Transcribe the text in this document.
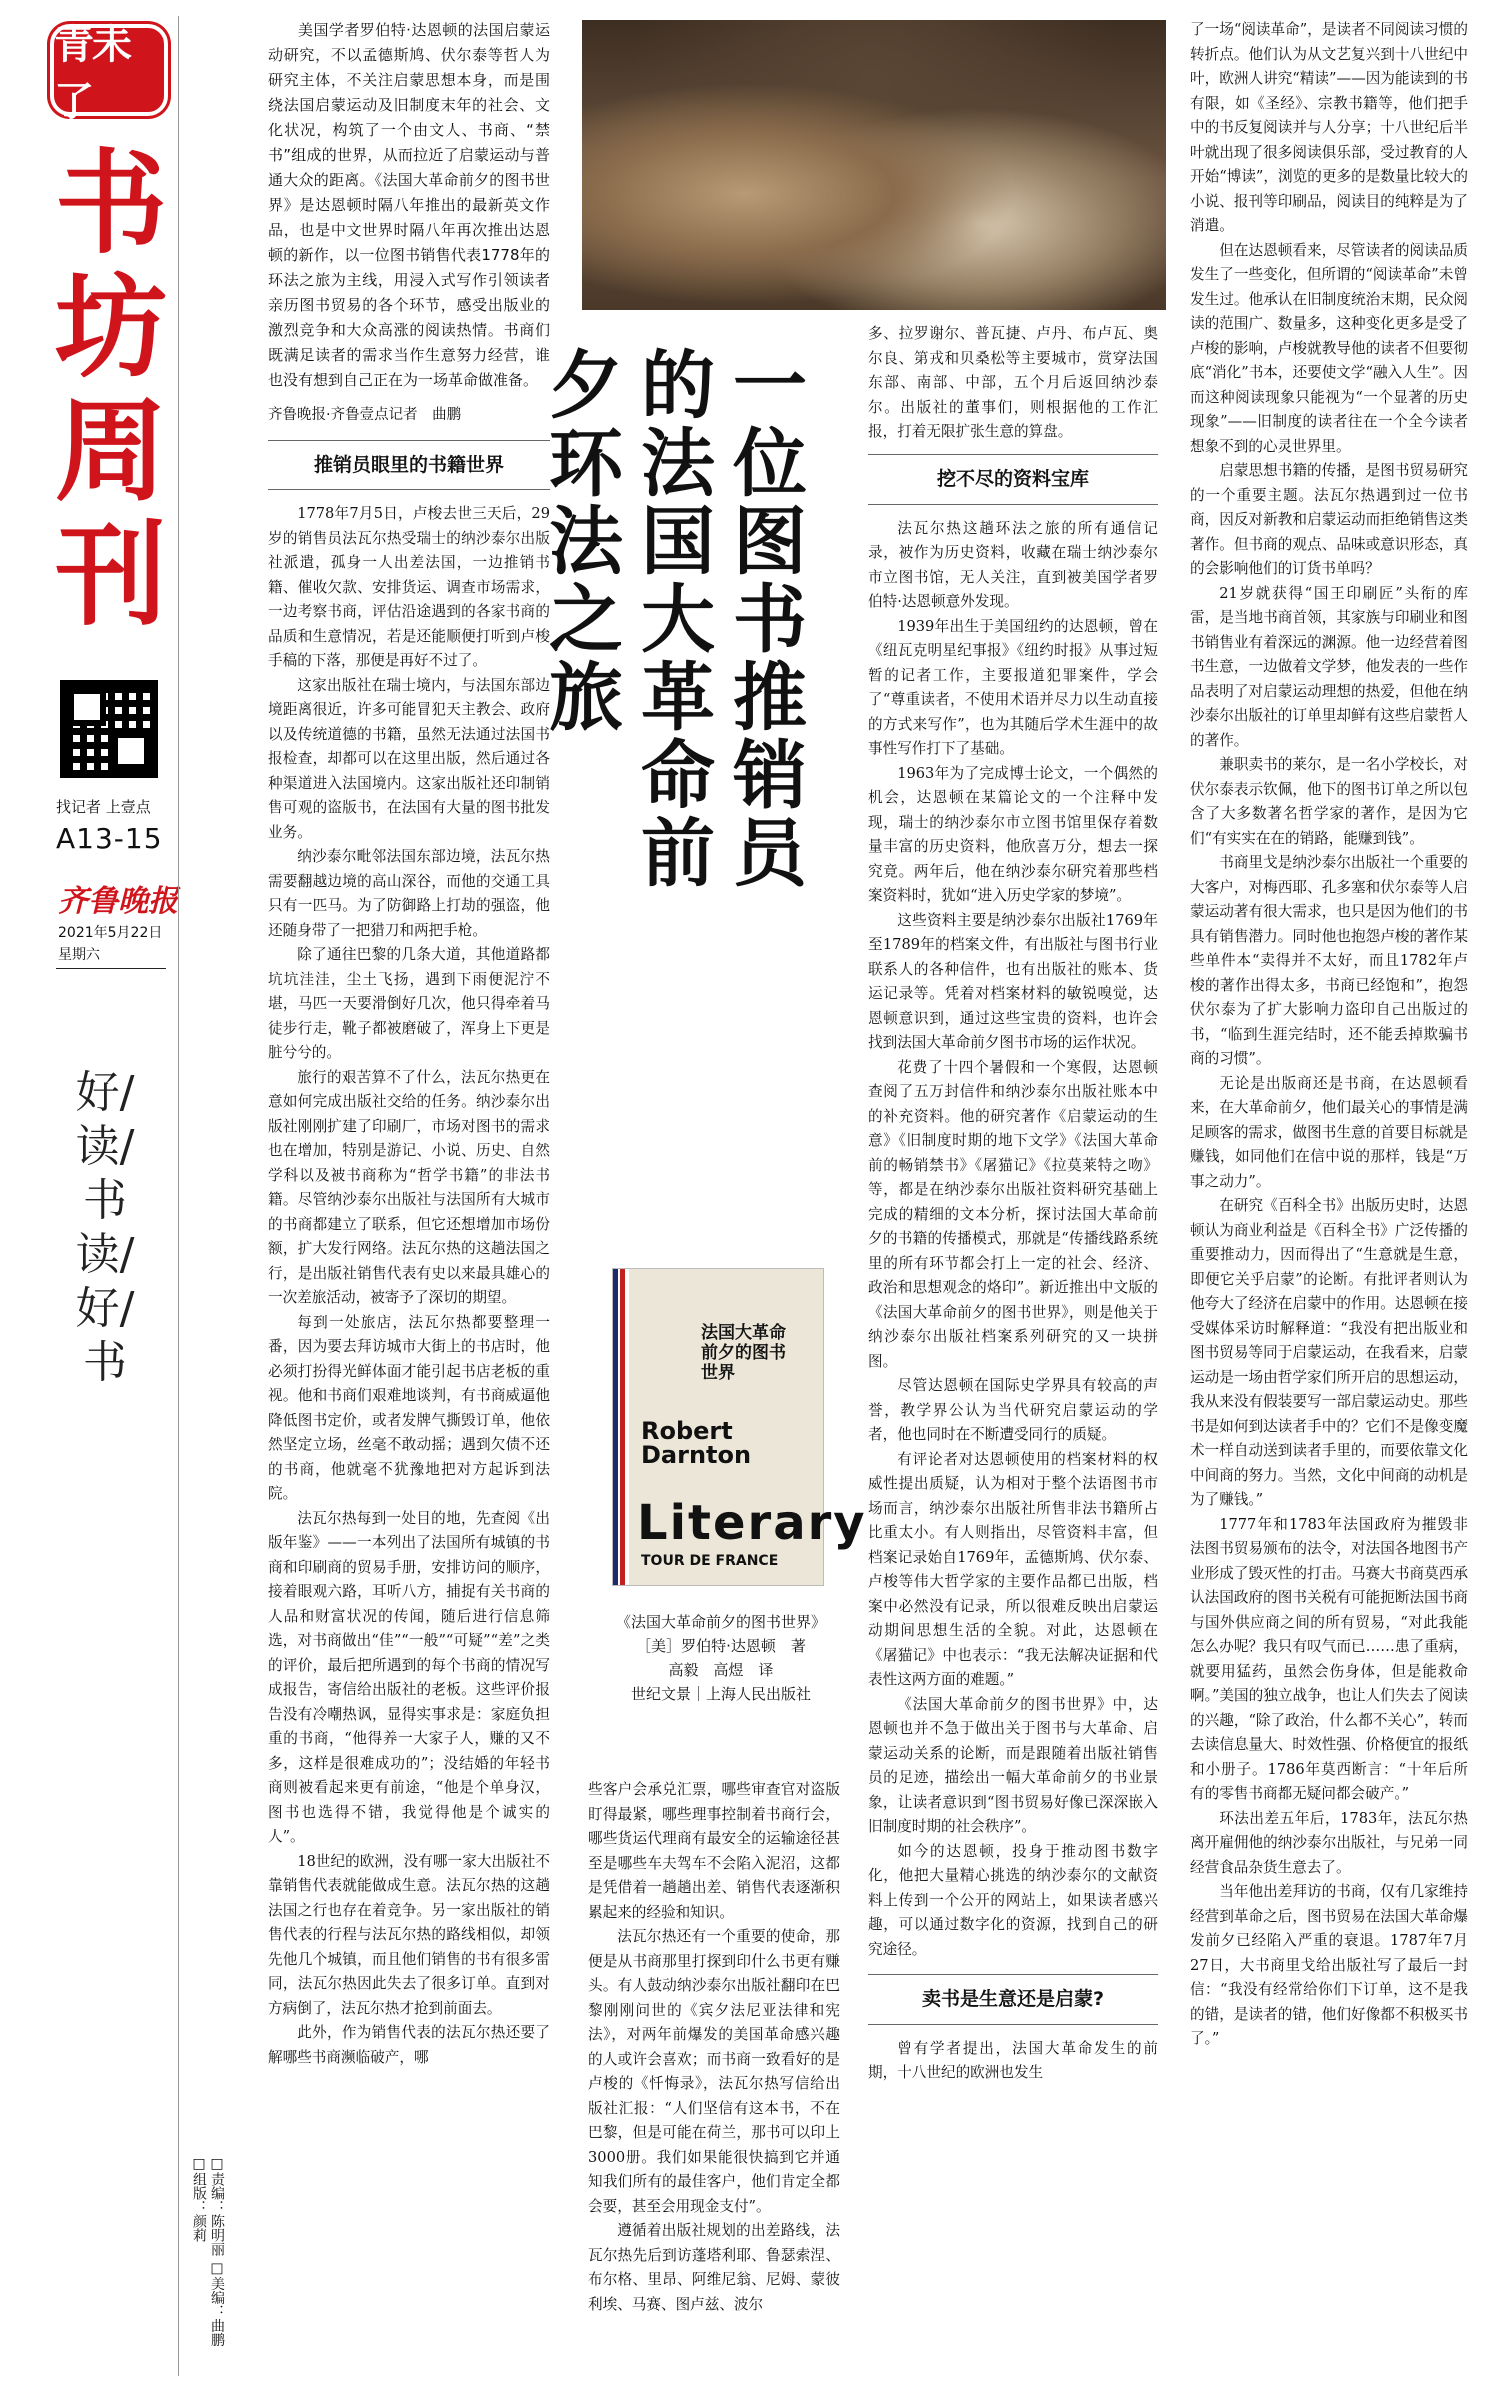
青未了
书坊周刊
找记者 上壹点
A13-15
齐鲁晚报
2021年5月22日
星期六
好/读/书 读/好/书
□责编：陈明丽 □美编：曲鹏 □组版：颜莉

美国学者罗伯特·达恩顿的法国启蒙运动研究，不以孟德斯鸠、伏尔泰等哲人为研究主体，不关注启蒙思想本身，而是围绕法国启蒙运动及旧制度末年的社会、文化状况，构筑了一个由文人、书商、“禁书”组成的世界，从而拉近了启蒙运动与普通大众的距离。《法国大革命前夕的图书世界》是达恩顿时隔八年推出的最新英文作品，也是中文世界时隔八年再次推出达恩顿的新作，以一位图书销售代表1778年的环法之旅为主线，用浸入式写作引领读者亲历图书贸易的各个环节，感受出版业的激烈竞争和大众高涨的阅读热情。书商们既满足读者的需求当作生意努力经营，谁也没有想到自己正在为一场革命做准备。

齐鲁晚报·齐鲁壹点记者　曲鹏

推销员眼里的书籍世界

1778年7月5日，卢梭去世三天后，29岁的销售员法瓦尔热受瑞士的纳沙泰尔出版社派遣，孤身一人出差法国，一边推销书籍、催收欠款、安排货运、调查市场需求，一边考察书商，评估沿途遇到的各家书商的品质和生意情况，若是还能顺便打听到卢梭手稿的下落，那便是再好不过了。

这家出版社在瑞士境内，与法国东部边境距离很近，许多可能冒犯天主教会、政府以及传统道德的书籍，虽然无法通过法国书报检查，却都可以在这里出版，然后通过各种渠道进入法国境内。这家出版社还印制销售可观的盗版书，在法国有大量的图书批发业务。

纳沙泰尔毗邻法国东部边境，法瓦尔热需要翻越边境的高山深谷，而他的交通工具只有一匹马。为了防御路上打劫的强盗，他还随身带了一把猎刀和两把手枪。

除了通往巴黎的几条大道，其他道路都坑坑洼洼，尘土飞扬，遇到下雨便泥泞不堪，马匹一天要滑倒好几次，他只得牵着马徒步行走，靴子都被磨破了，浑身上下更是脏兮兮的。

旅行的艰苦算不了什么，法瓦尔热更在意如何完成出版社交给的任务。纳沙泰尔出版社刚刚扩建了印刷厂，市场对图书的需求也在增加，特别是游记、小说、历史、自然学科以及被书商称为“哲学书籍”的非法书籍。尽管纳沙泰尔出版社与法国所有大城市的书商都建立了联系，但它还想增加市场份额，扩大发行网络。法瓦尔热的这趟法国之行，是出版社销售代表有史以来最具雄心的一次差旅活动，被寄予了深切的期望。

每到一处旅店，法瓦尔热都要整理一番，因为要去拜访城市大街上的书店时，他必须打扮得光鲜体面才能引起书店老板的重视。他和书商们艰难地谈判，有书商威逼他降低图书定价，或者发牌气撕毁订单，他依然坚定立场，丝毫不敢动摇；遇到欠债不还的书商，他就毫不犹豫地把对方起诉到法院。

法瓦尔热每到一处目的地，先查阅《出版年鉴》——一本列出了法国所有城镇的书商和印刷商的贸易手册，安排访问的顺序，接着眼观六路，耳听八方，捕捉有关书商的人品和财富状况的传闻，随后进行信息筛选，对书商做出“佳”“一般”“可疑”“差”之类的评价，最后把所遇到的每个书商的情况写成报告，寄信给出版社的老板。这些评价报告没有冷嘲热讽，显得实事求是：家庭负担重的书商，“他得养一大家子人，赚的又不多，这样是很难成功的”；没结婚的年轻书商则被看起来更有前途，“他是个单身汉，图书也选得不错，我觉得他是个诚实的人”。

18世纪的欧洲，没有哪一家大出版社不靠销售代表就能做成生意。法瓦尔热的这趟法国之行也存在着竞争。另一家出版社的销售代表的行程与法瓦尔热的路线相似，却领先他几个城镇，而且他们销售的书有很多雷同，法瓦尔热因此失去了很多订单。直到对方病倒了，法瓦尔热才抢到前面去。

此外，作为销售代表的法瓦尔热还要了解哪些书商濒临破产，哪

一位图书推销员的法国大革命前夕环法之旅
法国大革命前夕的图书世界
Robert Darnton
Literary
TOUR DE FRANCE
《法国大革命前夕的图书世界》
［美］罗伯特·达恩顿　著
高毅　高煜　译
世纪文景｜上海人民出版社

些客户会承兑汇票，哪些审查官对盗版盯得最紧，哪些理事控制着书商行会，哪些货运代理商有最安全的运输途径甚至是哪些车夫驾车不会陷入泥沼，这都是凭借着一趟趟出差、销售代表逐渐积累起来的经验和知识。

法瓦尔热还有一个重要的使命，那便是从书商那里打探到印什么书更有赚头。有人鼓动纳沙泰尔出版社翻印在巴黎刚刚问世的《宾夕法尼亚法律和宪法》，对两年前爆发的美国革命感兴趣的人或许会喜欢；而书商一致看好的是卢梭的《忏悔录》，法瓦尔热写信给出版社汇报：“人们坚信有这本书，不在巴黎，但是可能在荷兰，那书可以印上3000册。我们如果能很快搞到它并通知我们所有的最佳客户，他们肯定全都会要，甚至会用现金支付”。

遵循着出版社规划的出差路线，法瓦尔热先后到访蓬塔利耶、鲁瑟索涅、布尔格、里昂、阿维尼翁、尼姆、蒙彼利埃、马赛、图卢兹、波尔

多、拉罗谢尔、普瓦捷、卢丹、布卢瓦、奥尔良、第戎和贝桑松等主要城市，赏穿法国东部、南部、中部，五个月后返回纳沙泰尔。出版社的董事们，则根据他的工作汇报，打着无限扩张生意的算盘。

挖不尽的资料宝库

法瓦尔热这趟环法之旅的所有通信记录，被作为历史资料，收藏在瑞士纳沙泰尔市立图书馆，无人关注，直到被美国学者罗伯特·达恩顿意外发现。

1939年出生于美国纽约的达恩顿，曾在《纽瓦克明星纪事报》《纽约时报》从事过短暂的记者工作，主要报道犯罪案件，学会了“尊重读者，不使用术语并尽力以生动直接的方式来写作”，也为其随后学术生涯中的故事性写作打下了基础。

1963年为了完成博士论文，一个偶然的机会，达恩顿在某篇论文的一个注释中发现，瑞士的纳沙泰尔市立图书馆里保存着数量丰富的历史资料，他欣喜万分，想去一探究竟。两年后，他在纳沙泰尔研究着那些档案资料时，犹如“进入历史学家的梦境”。

这些资料主要是纳沙泰尔出版社1769年至1789年的档案文件，有出版社与图书行业联系人的各种信件，也有出版社的账本、货运记录等。凭着对档案材料的敏锐嗅觉，达恩顿意识到，通过这些宝贵的资料，也许会找到法国大革命前夕图书市场的运作状况。

花费了十四个暑假和一个寒假，达恩顿查阅了五万封信件和纳沙泰尔出版社账本中的补充资料。他的研究著作《启蒙运动的生意》《旧制度时期的地下文学》《法国大革命前的畅销禁书》《屠猫记》《拉莫莱特之吻》等，都是在纳沙泰尔出版社资料研究基础上完成的精细的文本分析，探讨法国大革命前夕的书籍的传播模式，那就是“传播线路系统里的所有环节都会打上一定的社会、经济、政治和思想观念的烙印”。新近推出中文版的《法国大革命前夕的图书世界》，则是他关于纳沙泰尔出版社档案系列研究的又一块拼图。

尽管达恩顿在国际史学界具有较高的声誉，教学界公认为当代研究启蒙运动的学者，他也同时在不断遭受同行的质疑。

有评论者对达恩顿使用的档案材料的权威性提出质疑，认为相对于整个法语图书市场而言，纳沙泰尔出版社所售非法书籍所占比重太小。有人则指出，尽管资料丰富，但档案记录始自1769年，孟德斯鸠、伏尔泰、卢梭等伟大哲学家的主要作品都已出版，档案中必然没有记录，所以很难反映出启蒙运动期间思想生活的全貌。对此，达恩顿在《屠猫记》中也表示：“我无法解决证据和代表性这两方面的难题。”

《法国大革命前夕的图书世界》中，达恩顿也并不急于做出关于图书与大革命、启蒙运动关系的论断，而是跟随着出版社销售员的足迹，描绘出一幅大革命前夕的书业景象，让读者意识到“图书贸易好像已深深嵌入旧制度时期的社会秩序”。

如今的达恩顿，投身于推动图书数字化，他把大量精心挑选的纳沙泰尔的文献资料上传到一个公开的网站上，如果读者感兴趣，可以通过数字化的资源，找到自己的研究途径。

卖书是生意还是启蒙?

曾有学者提出，法国大革命发生的前期，十八世纪的欧洲也发生

了一场“阅读革命”，是读者不同阅读习惯的转折点。他们认为从文艺复兴到十八世纪中叶，欧洲人讲究“精读”——因为能读到的书有限，如《圣经》、宗教书籍等，他们把手中的书反复阅读并与人分享；十八世纪后半叶就出现了很多阅读俱乐部，受过教育的人开始“博读”，浏览的更多的是数量比较大的小说、报刊等印刷品，阅读目的纯粹是为了消遣。

但在达恩顿看来，尽管读者的阅读品质发生了一些变化，但所谓的“阅读革命”未曾发生过。他承认在旧制度统治末期，民众阅读的范围广、数量多，这种变化更多是受了卢梭的影响，卢梭就教导他的读者不但要彻底“消化”书本，还要使文学“融入人生”。因而这种阅读现象只能视为“一个显著的历史现象”——旧制度的读者往在一个全今读者想象不到的心灵世界里。

启蒙思想书籍的传播，是图书贸易研究的一个重要主题。法瓦尔热遇到过一位书商，因反对新教和启蒙运动而拒绝销售这类著作。但书商的观点、品味或意识形态，真的会影响他们的订货书单吗？

21岁就获得“国王印刷匠”头衔的库雷，是当地书商首领，其家族与印刷业和图书销售业有着深远的渊源。他一边经营着图书生意，一边做着文学梦，他发表的一些作品表明了对启蒙运动理想的热爱，但他在纳沙泰尔出版社的订单里却鲜有这些启蒙哲人的著作。

兼职卖书的莱尔，是一名小学校长，对伏尔泰表示钦佩，他下的图书订单之所以包含了大多数著名哲学家的著作，是因为它们“有实实在在的销路，能赚到钱”。

书商里戈是纳沙泰尔出版社一个重要的大客户，对梅西耶、孔多塞和伏尔泰等人启蒙运动著有很大需求，也只是因为他们的书具有销售潜力。同时他也抱怨卢梭的著作某些单件本“卖得并不太好，而且1782年卢梭的著作出得太多，书商已经饱和”，抱怨伏尔泰为了扩大影响力盗印自己出版过的书，“临到生涯完结时，还不能丢掉欺骗书商的习惯”。

无论是出版商还是书商，在达恩顿看来，在大革命前夕，他们最关心的事情是满足顾客的需求，做图书生意的首要目标就是赚钱，如同他们在信中说的那样，钱是“万事之动力”。

在研究《百科全书》出版历史时，达恩顿认为商业利益是《百科全书》广泛传播的重要推动力，因而得出了“生意就是生意，即便它关乎启蒙”的论断。有批评者则认为他夸大了经济在启蒙中的作用。达恩顿在接受媒体采访时解释道：“我没有把出版业和图书贸易等同于启蒙运动，在我看来，启蒙运动是一场由哲学家们所开启的思想运动，我从来没有假装要写一部启蒙运动史。那些书是如何到达读者手中的？它们不是像变魔术一样自动送到读者手里的，而要依靠文化中间商的努力。当然，文化中间商的动机是为了赚钱。”

1777年和1783年法国政府为摧毁非法图书贸易颁布的法令，对法国各地图书产业形成了毁灭性的打击。马赛大书商莫西承认法国政府的图书关税有可能扼断法国书商与国外供应商之间的所有贸易，“对此我能怎么办呢？我只有叹气而已……患了重病，就要用猛药，虽然会伤身体，但是能救命啊。”美国的独立战争，也让人们失去了阅读的兴趣，“除了政治，什么都不关心”，转而去读信息量大、时效性强、价格便宜的报纸和小册子。1786年莫西断言：“十年后所有的零售书商都无疑问都会破产。”

环法出差五年后，1783年，法瓦尔热离开雇佣他的纳沙泰尔出版社，与兄弟一同经营食品杂货生意去了。

当年他出差拜访的书商，仅有几家维持经营到革命之后，图书贸易在法国大革命爆发前夕已经陷入严重的衰退。1787年7月27日，大书商里戈给出版社写了最后一封信：“我没有经常给你们下订单，这不是我的错，是读者的错，他们好像都不积极买书了。”
